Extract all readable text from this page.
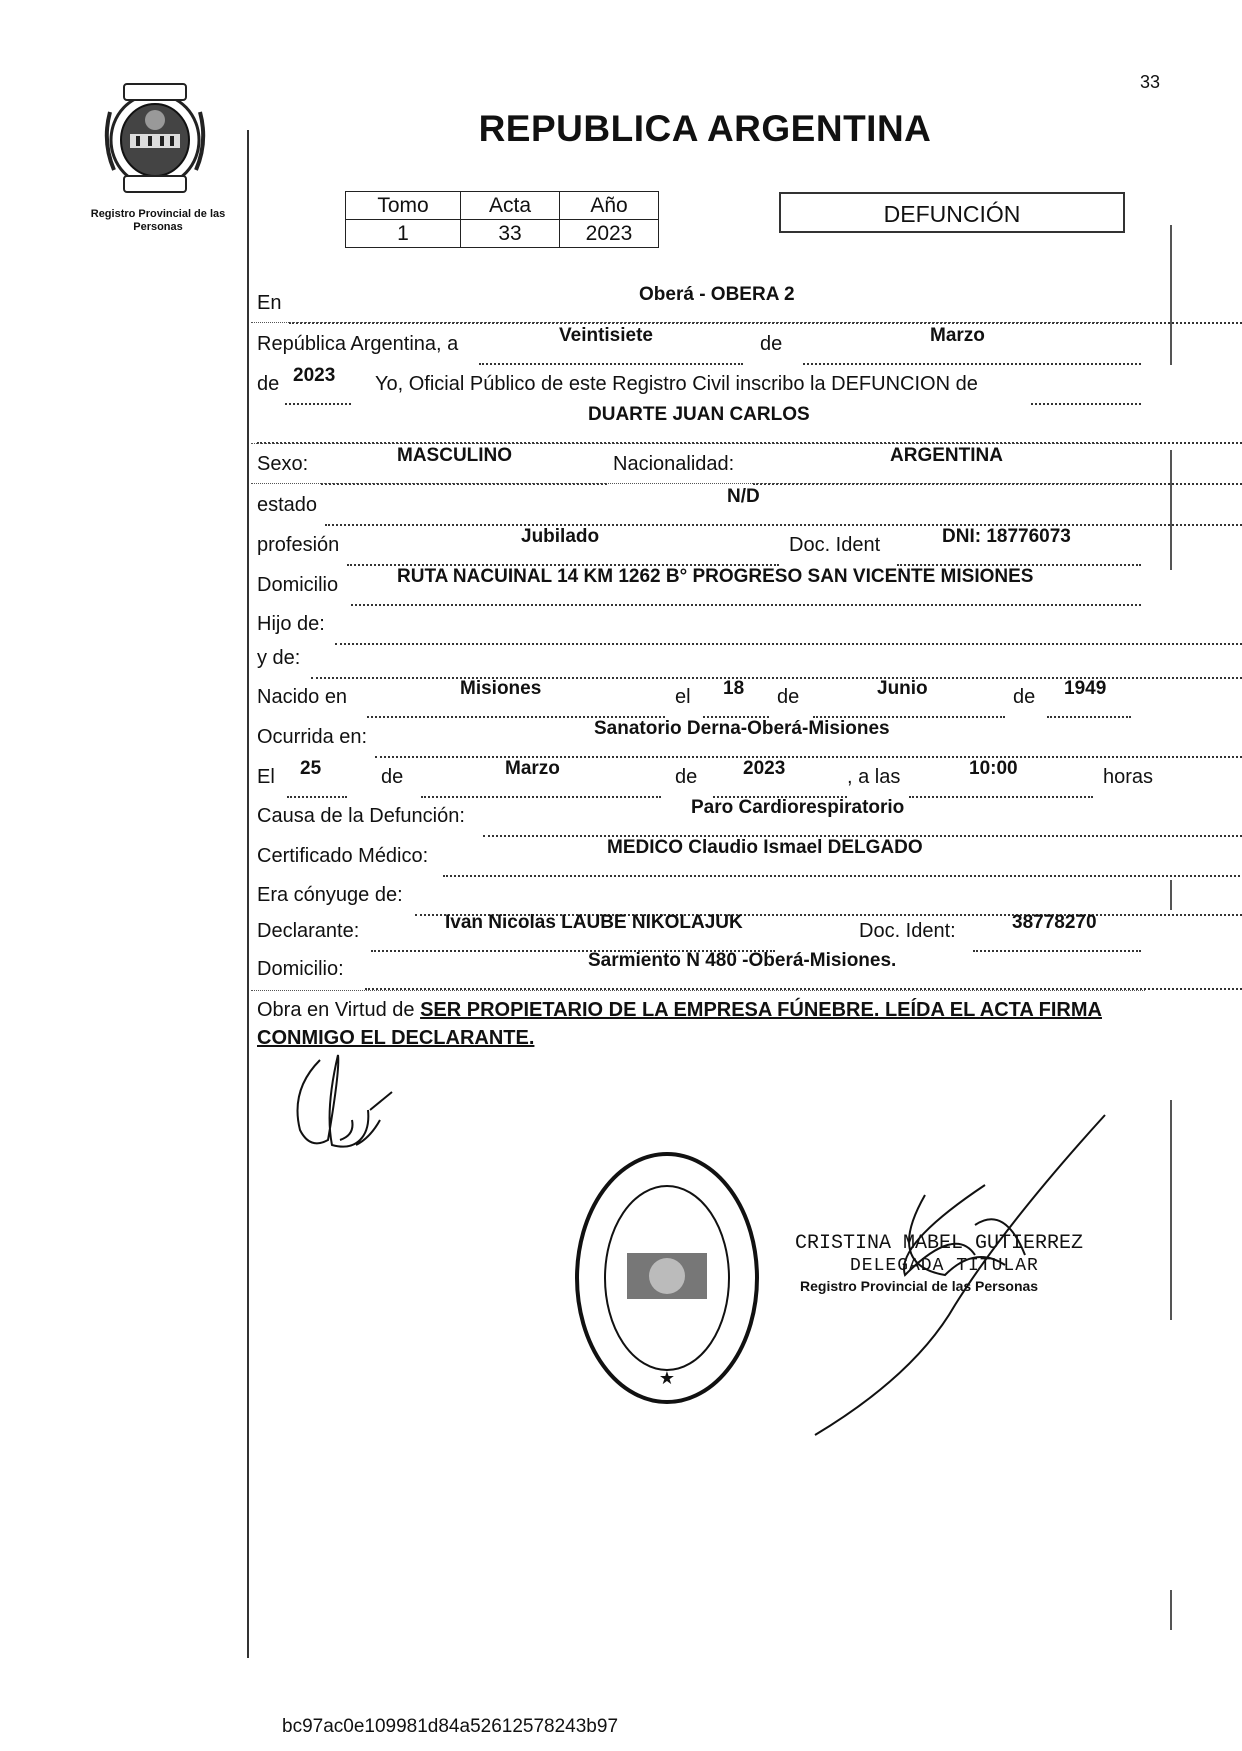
33
Registro Provincial de las Personas
REPUBLICA ARGENTINA
Tomo	Acta	Año
1	33	2023
DEFUNCIÓN
En	Oberá - OBERA 2
República Argentina, a	Veintisiete	de	Marzo
de 2023 Yo, Oficial Público de este Registro Civil inscribo la DEFUNCION de
DUARTE JUAN CARLOS
Sexo:	MASCULINO	Nacionalidad:	ARGENTINA
estado	N/D
profesión	Jubilado	Doc. Ident	DNI: 18776073
Domicilio	RUTA NACUINAL 14 KM 1262 B° PROGRESO SAN VICENTE MISIONES
Hijo de:
y de:
Nacido en	Misiones	el 18 de	Junio	de 1949
Ocurrida en:	Sanatorio Derna-Oberá-Misiones
El 25	de	Marzo	de 2023	, a las	10:00	horas
Causa de la Defunción:	Paro Cardiorespiratorio
Certificado Médico:	MEDICO Claudio Ismael DELGADO
Era cónyuge de:
Declarante:	Ivan Nicolas LAUBE NIKOLAJUK	Doc. Ident:	38778270
Domicilio:	Sarmiento N 480 -Oberá-Misiones.
Obra en Virtud de SER PROPIETARIO DE LA EMPRESA FÚNEBRE. LEÍDA EL ACTA FIRMA CONMIGO EL DECLARANTE.
★
CRISTINA MABEL GUTIERREZ
DELEGADA TITULAR
Registro Provincial de las Personas
bc97ac0e109981d84a52612578243b97
